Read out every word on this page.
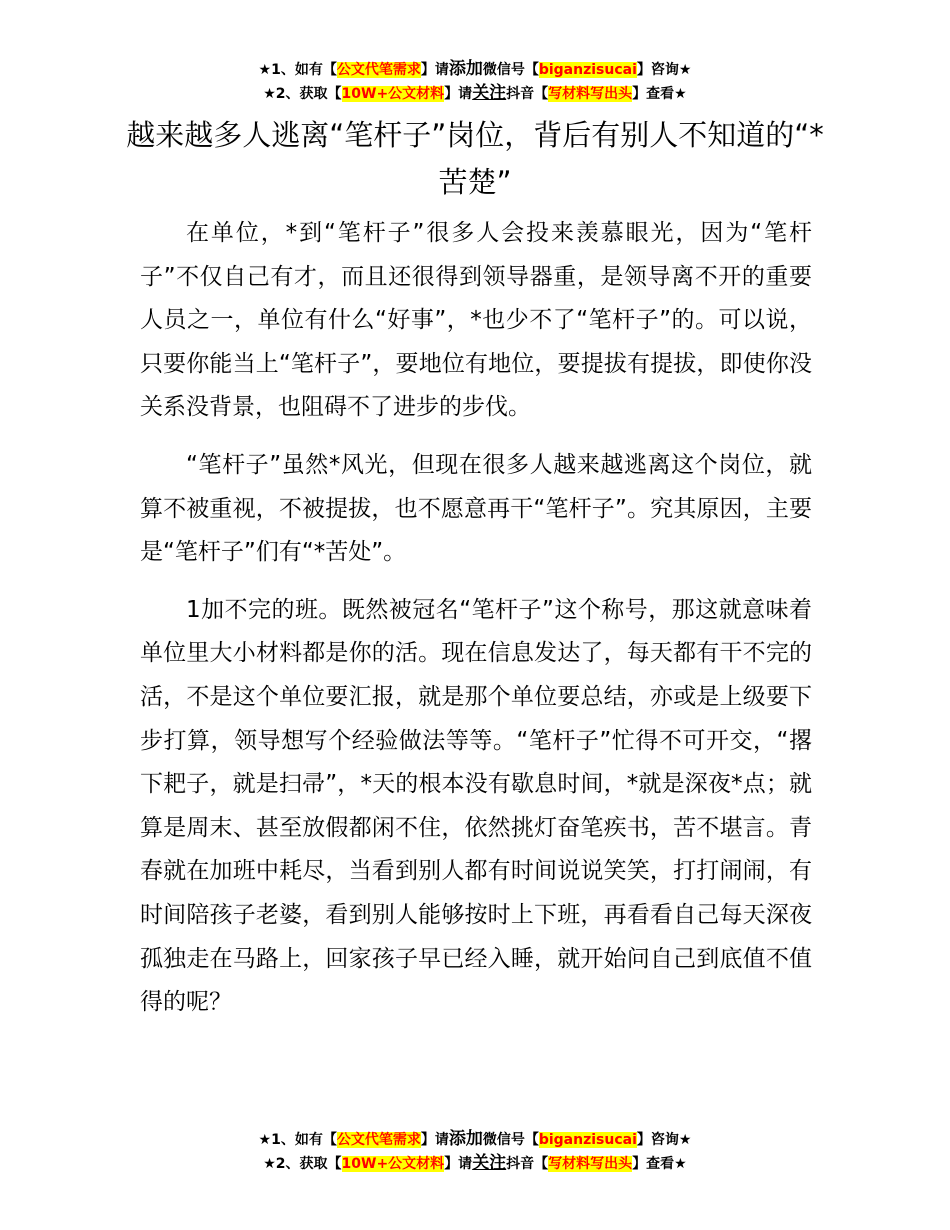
★1、如有【公文代笔需求】请添加微信号【biganzisucai】咨询★
★2、获取【10W+公文材料】请关注抖音【写材料写出头】查看★
越来越多人逃离“笔杆子”岗位，背后有别人不知道的“*苦楚”

在单位，*到“笔杆子”很多人会投来羡慕眼光，因为“笔杆子”不仅自己有才，而且还很得到领导器重，是领导离不开的重要人员之一，单位有什么“好事”，*也少不了“笔杆子”的。可以说，只要你能当上“笔杆子”，要地位有地位，要提拔有提拔，即使你没关系没背景，也阻碍不了进步的步伐。

“笔杆子”虽然*风光，但现在很多人越来越逃离这个岗位，就算不被重视，不被提拔，也不愿意再干“笔杆子”。究其原因，主要是“笔杆子”们有“*苦处”。

1加不完的班。既然被冠名“笔杆子”这个称号，那这就意味着单位里大小材料都是你的活。现在信息发达了，每天都有干不完的活，不是这个单位要汇报，就是那个单位要总结，亦或是上级要下步打算，领导想写个经验做法等等。“笔杆子”忙得不可开交，“撂下耙子，就是扫帚”，*天的根本没有歇息时间，*就是深夜*点；就算是周末、甚至放假都闲不住，依然挑灯奋笔疾书，苦不堪言。青春就在加班中耗尽，当看到别人都有时间说说笑笑，打打闹闹，有时间陪孩子老婆，看到别人能够按时上下班，再看看自己每天深夜孤独走在马路上，回家孩子早已经入睡，就开始问自己到底值不值得的呢？

★1、如有【公文代笔需求】请添加微信号【biganzisucai】咨询★
★2、获取【10W+公文材料】请关注抖音【写材料写出头】查看★
